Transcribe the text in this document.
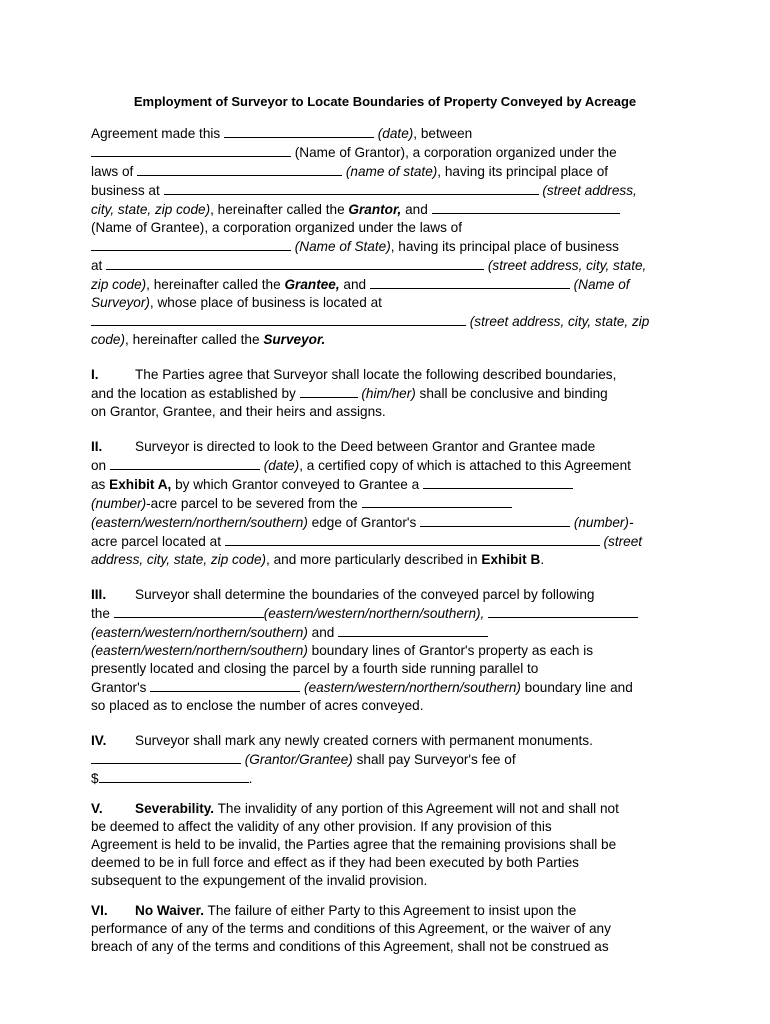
Employment of Surveyor to Locate Boundaries of Property Conveyed by Acreage
Agreement made this	(date), between
(Name of Grantor), a corporation organized under the
laws of	(name of state), having its principal place of
business at	(street address,
city, state, zip code), hereinafter called the Grantor, and
(Name of Grantee), a corporation organized under the laws of
(Name of State), having its principal place of business
at	(street address, city, state,
zip code), hereinafter called the Grantee, and	(Name of
Surveyor), whose place of business is located at
(street address, city, state, zip
code), hereinafter called the Surveyor.
I.	The Parties agree that Surveyor shall locate the following described boundaries,
and the location as established by	(him/her) shall be conclusive and binding
on Grantor, Grantee, and their heirs and assigns.
II. Surveyor is directed to look to the Deed between Grantor and Grantee made
on	(date), a certified copy of which is attached to this Agreement
as Exhibit A, by which Grantor conveyed to Grantee a
(number)-acre parcel to be severed from the
(eastern/western/northern/southern) edge of Grantor's	(number)-
acre parcel located at	(street
address, city, state, zip code), and more particularly described in Exhibit B.
III. Surveyor shall determine the boundaries of the conveyed parcel by following
the	(eastern/western/northern/southern),
(eastern/western/northern/southern) and
(eastern/western/northern/southern) boundary lines of Grantor's property as each is
presently located and closing the parcel by a fourth side running parallel to
Grantor's	(eastern/western/northern/southern) boundary line and
so placed as to enclose the number of acres conveyed.
IV. Surveyor shall mark any newly created corners with permanent monuments.
(Grantor/Grantee) shall pay Surveyor's fee of
$	.
V. Severability. The invalidity of any portion of this Agreement will not and shall not
be deemed to affect the validity of any other provision. If any provision of this
Agreement is held to be invalid, the Parties agree that the remaining provisions shall be
deemed to be in full force and effect as if they had been executed by both Parties
subsequent to the expungement of the invalid provision.
VI. No Waiver. The failure of either Party to this Agreement to insist upon the
performance of any of the terms and conditions of this Agreement, or the waiver of any
breach of any of the terms and conditions of this Agreement, shall not be construed as
